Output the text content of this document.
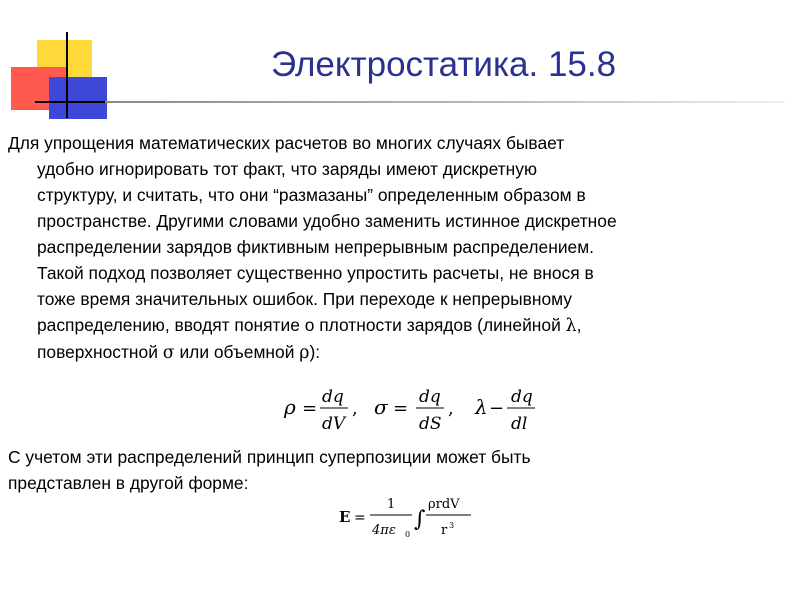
Электростатика. 15.8
Для упрощения математических расчетов во многих случаях бывает
удобно игнорировать тот факт, что заряды имеют дискретную
структуру, и считать, что они “размазаны” определенным образом в
пространстве. Другими словами удобно заменить истинное дискретное
распределении зарядов фиктивным непрерывным распределением.
Такой подход позволяет существенно упростить расчеты, не внося в
тоже время значительных ошибок. При переходе к непрерывному
распределению, вводят понятие о плотности зарядов (линейной λ,
поверхностной σ или объемной ρ):
ρ =
dq
dV
, σ =
dq
dS
, λ −
dq
dl
С учетом эти распределений принцип суперпозиции может быть
представлен в другой форме:
E =
1
4πε 0
∫
ρrdV
r 3
